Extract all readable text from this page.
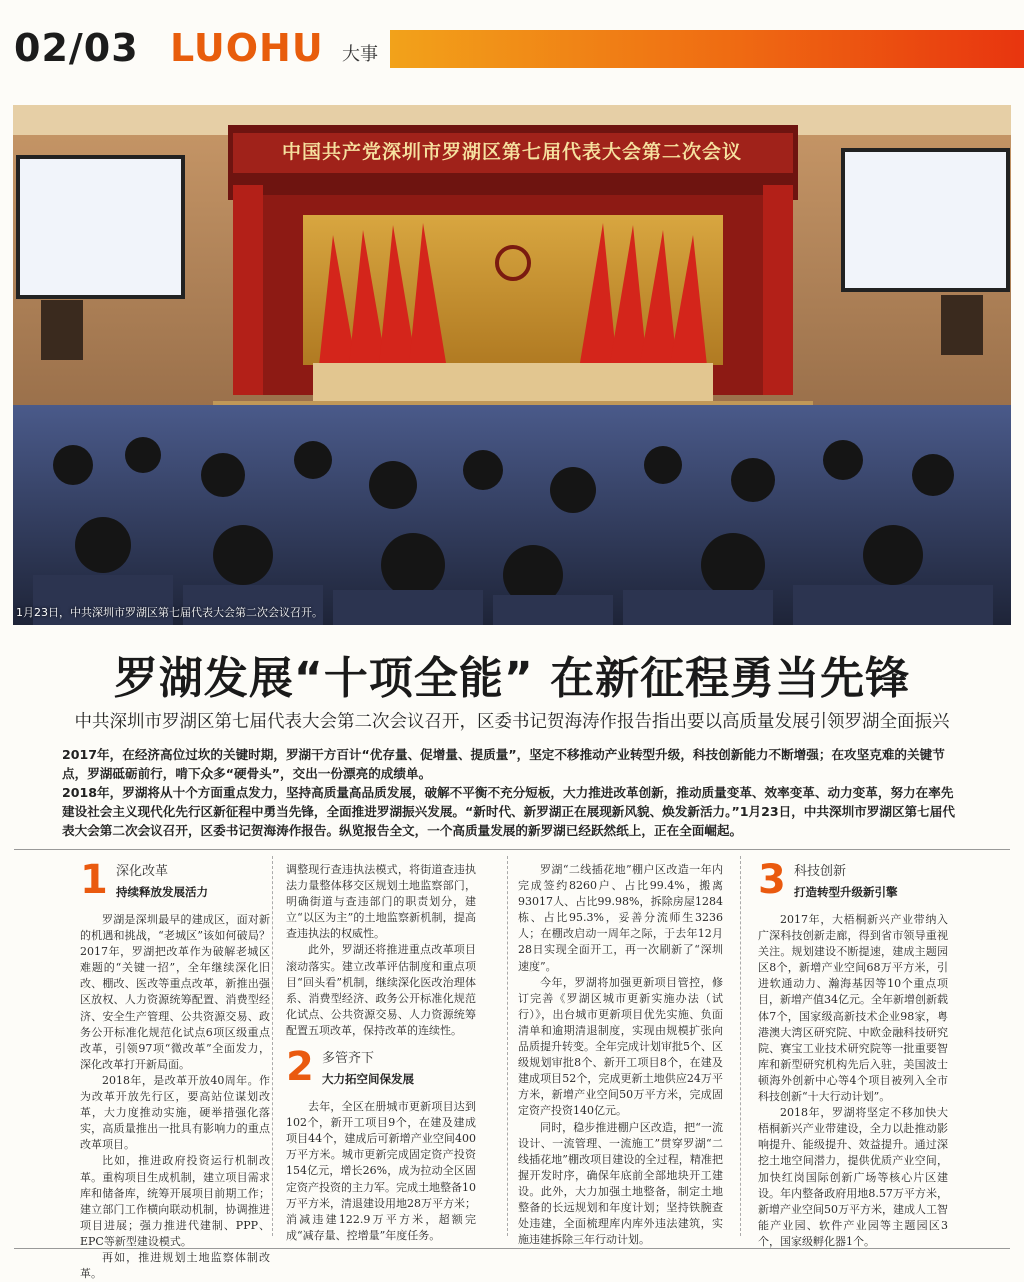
02/03 LUOHU 大事
1月23日，中共深圳市罗湖区第七届代表大会第二次会议召开。
罗湖发展“十项全能” 在新征程勇当先锋
中共深圳市罗湖区第七届代表大会第二次会议召开，区委书记贺海涛作报告指出要以高质量发展引领罗湖全面振兴

2017年，在经济高位过坎的关键时期，罗湖干方百计“优存量、促增量、提质量”，坚定不移推动产业转型升级，科技创新能力不断增强；在攻坚克难的关键节点，罗湖砥砺前行，啃下众多“硬骨头”，交出一份漂亮的成绩单。

2018年，罗湖将从十个方面重点发力，坚持高质量高品质发展，破解不平衡不充分短板，大力推进改革创新，推动质量变革、效率变革、动力变革，努力在率先建设社会主义现代化先行区新征程中勇当先锋，全面推进罗湖振兴发展。“新时代、新罗湖正在展现新风貌、焕发新活力。”1月23日，中共深圳市罗湖区第七届代表大会第二次会议召开，区委书记贺海涛作报告。纵览报告全文，一个高质量发展的新罗湖已经跃然纸上，正在全面崛起。

1 深化改革
持续释放发展活力

罗湖是深圳最早的建成区，面对新的机遇和挑战，“老城区”该如何破局？2017年，罗湖把改革作为破解老城区难题的“关键一招”，全年继续深化旧改、棚改、医改等重点改革，新推出强区放权、人力资源统筹配置、消费型经济、安全生产管理、公共资源交易、政务公开标准化规范化试点6项区级重点改革，引领97项“微改革”全面发力，深化改革打开新局面。

2018年，是改革开放40周年。作为改革开放先行区，要高站位谋划改革，大力度推动实施，硬举措强化落实，高质量推出一批具有影响力的重点改革项目。

比如，推进政府投资运行机制改革。重构项目生成机制，建立项目需求库和储备库，统筹开展项目前期工作；建立部门工作横向联动机制，协调推进项目进展；强力推进代建制、PPP、EPC等新型建设模式。

再如，推进规划土地监察体制改革。

调整现行查违执法模式，将街道查违执法力量整体移交区规划土地监察部门，明确街道与查违部门的职责划分，建立“以区为主”的土地监察新机制，提高查违执法的权威性。

此外，罗湖还将推进重点改革项目滚动落实。建立改革评估制度和重点项目“回头看”机制，继续深化医改治理体系、消费型经济、政务公开标准化规范化试点、公共资源交易、人力资源统筹配置五项改革，保持改革的连续性。

2 多管齐下
大力拓空间保发展

去年，全区在册城市更新项目达到102个，新开工项目9个，在建及建成项目44个，建成后可新增产业空间400万平方米。城市更新完成固定资产投资154亿元，增长26%，成为拉动全区固定资产投资的主力军。完成土地整备10万平方米，清退建设用地28万平方米；消减违建122.9万平方米，超额完成“减存量、控增量”年度任务。

罗湖“二线插花地”棚户区改造一年内完成签约8260户、占比99.4%，搬离93017人、占比99.98%，拆除房屋1284栋、占比95.3%，妥善分流师生3236人；在棚改启动一周年之际，于去年12月28日实现全面开工，再一次刷新了“深圳速度”。

今年，罗湖将加强更新项目管控，修订完善《罗湖区城市更新实施办法（试行）》，出台城市更新项目优先实施、负面清单和逾期清退制度，实现由规模扩张向品质提升转变。全年完成计划审批5个、区级规划审批8个、新开工项目8个，在建及建成项目52个，完成更新土地供应24万平方米，新增产业空间50万平方米，完成固定资产投资140亿元。

同时，稳步推进棚户区改造，把“一流设计、一流管理、一流施工”贯穿罗湖“二线插花地”棚改项目建设的全过程，精准把握开发时序，确保年底前全部地块开工建设。此外，大力加强土地整备，制定土地整备的长远规划和年度计划；坚持铁腕查处违建，全面梳理库内库外违法建筑，实施违建拆除三年行动计划。

3 科技创新
打造转型升级新引擎

2017年，大梧桐新兴产业带纳入广深科技创新走廊，得到省市领导重视关注。规划建设不断提速，建成主题园区8个，新增产业空间68万平方米，引进软通动力、瀚海基因等10个重点项目，新增产值34亿元。全年新增创新载体7个，国家级高新技术企业98家，粤港澳大湾区研究院、中欧金融科技研究院、赛宝工业技术研究院等一批重要智库和新型研究机构先后入驻，美国波士顿海外创新中心等4个项目被列入全市科技创新“十大行动计划”。

2018年，罗湖将坚定不移加快大梧桐新兴产业带建设，全力以赴推动影响提升、能级提升、效益提升。通过深挖土地空间潜力，提供优质产业空间，加快红岗国际创新广场等核心片区建设。年内整备政府用地8.57万平方米，新增产业空间50万平方米，建成人工智能产业园、软件产业园等主题园区3个，国家级孵化器1个。

中国共产党深圳市罗湖区第七届代表大会第二次会议
